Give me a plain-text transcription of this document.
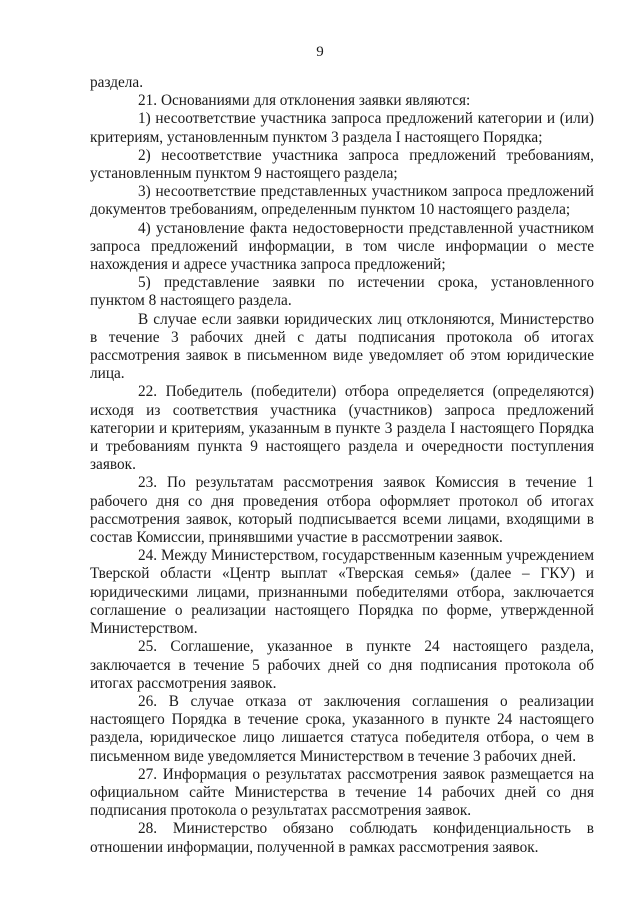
9

раздела.

21. Основаниями для отклонения заявки являются:

1) несоответствие участника запроса предложений категории и (или) критериям, установленным пунктом 3 раздела I настоящего Порядка;

2) несоответствие участника запроса предложений требованиям, установленным пунктом 9 настоящего раздела;

3) несоответствие представленных участником запроса предложений документов требованиям, определенным пунктом 10 настоящего раздела;

4) установление факта недостоверности представленной участником запроса предложений информации, в том числе информации о месте нахождения и адресе участника запроса предложений;

5) представление заявки по истечении срока, установленного пунктом 8 настоящего раздела.

В случае если заявки юридических лиц отклоняются, Министерство в течение 3 рабочих дней с даты подписания протокола об итогах рассмотрения заявок в письменном виде уведомляет об этом юридические лица.

22. Победитель (победители) отбора определяется (определяются) исходя из соответствия участника (участников) запроса предложений категории и критериям, указанным в пункте 3 раздела I настоящего Порядка и требованиям пункта 9 настоящего раздела и очередности поступления заявок.

23. По результатам рассмотрения заявок Комиссия в течение 1 рабочего дня со дня проведения отбора оформляет протокол об итогах рассмотрения заявок, который подписывается всеми лицами, входящими в состав Комиссии, принявшими участие в рассмотрении заявок.

24. Между Министерством, государственным казенным учреждением Тверской области «Центр выплат «Тверская семья» (далее – ГКУ) и юридическими лицами, признанными победителями отбора, заключается соглашение о реализации настоящего Порядка по форме, утвержденной Министерством.

25. Соглашение, указанное в пункте 24 настоящего раздела, заключается в течение 5 рабочих дней со дня подписания протокола об итогах рассмотрения заявок.

26. В случае отказа от заключения соглашения о реализации настоящего Порядка в течение срока, указанного в пункте 24 настоящего раздела, юридическое лицо лишается статуса победителя отбора, о чем в письменном виде уведомляется Министерством в течение 3 рабочих дней.

27. Информация о результатах рассмотрения заявок размещается на официальном сайте Министерства в течение 14 рабочих дней со дня подписания протокола о результатах рассмотрения заявок.

28. Министерство обязано соблюдать конфиденциальность в отношении информации, полученной в рамках рассмотрения заявок.
